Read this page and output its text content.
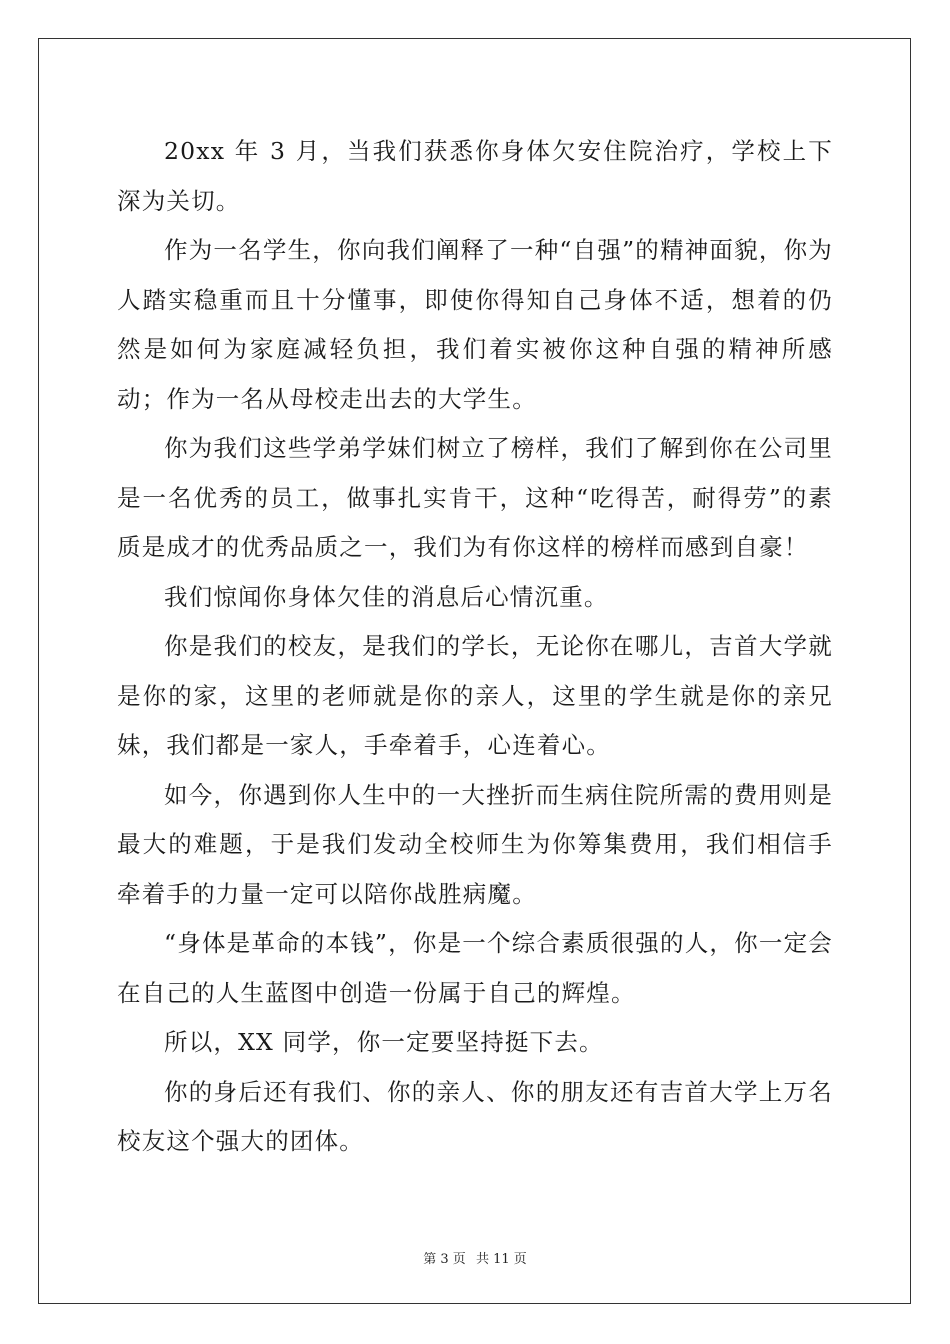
20xx 年 3 月，当我们获悉你身体欠安住院治疗，学校上下深为关切。

作为一名学生，你向我们阐释了一种“自强”的精神面貌，你为人踏实稳重而且十分懂事，即使你得知自己身体不适，想着的仍然是如何为家庭减轻负担，我们着实被你这种自强的精神所感动；作为一名从母校走出去的大学生。

你为我们这些学弟学妹们树立了榜样，我们了解到你在公司里是一名优秀的员工，做事扎实肯干，这种“吃得苦，耐得劳”的素质是成才的优秀品质之一，我们为有你这样的榜样而感到自豪！

我们惊闻你身体欠佳的消息后心情沉重。

你是我们的校友，是我们的学长，无论你在哪儿，吉首大学就是你的家，这里的老师就是你的亲人，这里的学生就是你的亲兄妹，我们都是一家人，手牵着手，心连着心。

如今，你遇到你人生中的一大挫折而生病住院所需的费用则是最大的难题，于是我们发动全校师生为你筹集费用，我们相信手牵着手的力量一定可以陪你战胜病魔。

“身体是革命的本钱”，你是一个综合素质很强的人，你一定会在自己的人生蓝图中创造一份属于自己的辉煌。

所以，XX 同学，你一定要坚持挺下去。

你的身后还有我们、你的亲人、你的朋友还有吉首大学上万名校友这个强大的团体。

第 3 页 共 11 页
